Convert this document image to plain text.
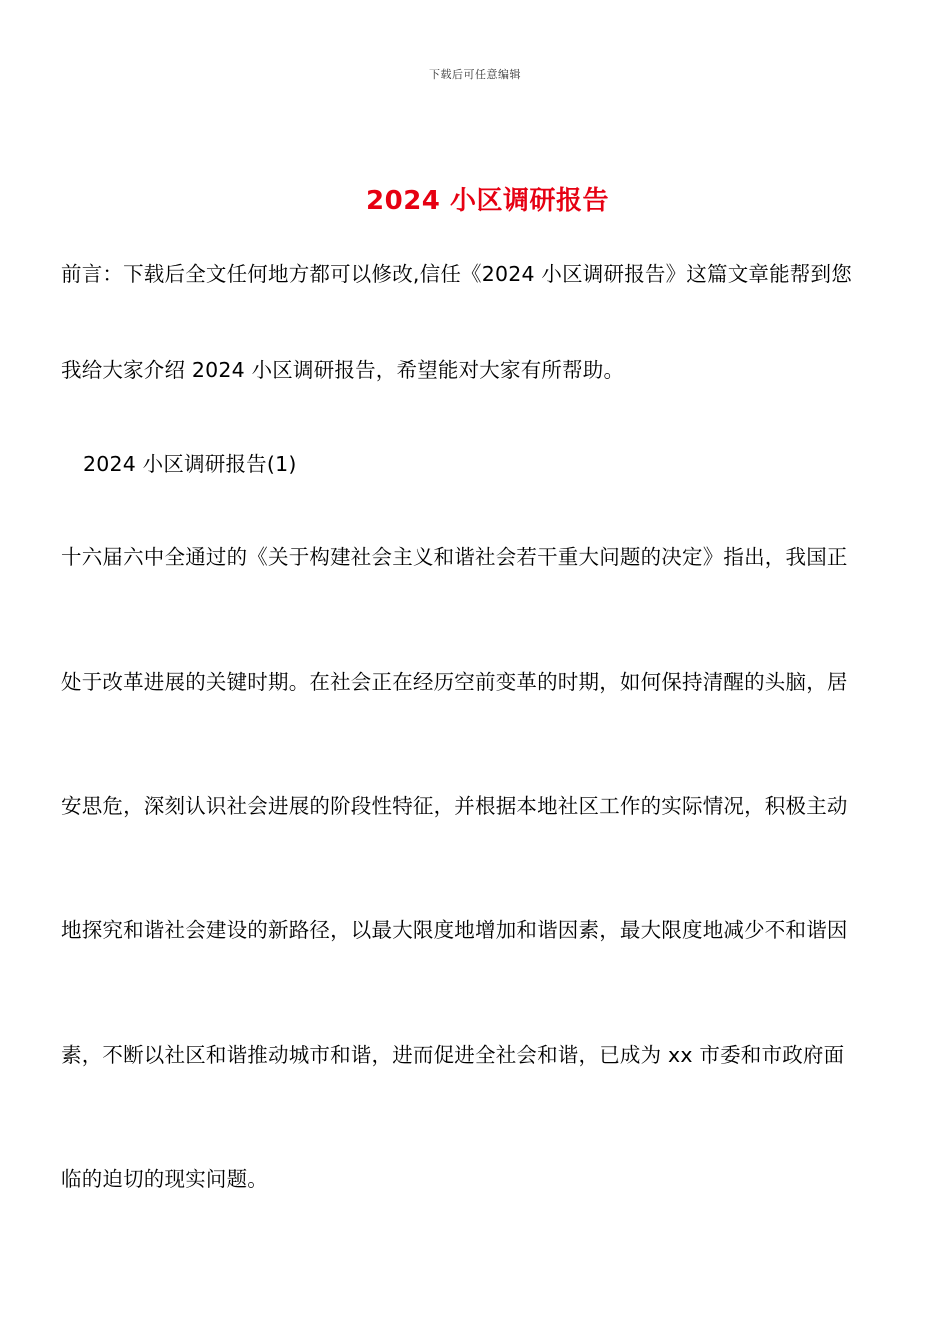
下载后可任意编辑
2024 小区调研报告
前言：下载后全文任何地方都可以修改,信任《2024 小区调研报告》这篇文章能帮到您
我给大家介绍 2024 小区调研报告，希望能对大家有所帮助。
2024 小区调研报告(1)
十六届六中全通过的《关于构建社会主义和谐社会若干重大问题的决定》指出，我国正
处于改革进展的关键时期。在社会正在经历空前变革的时期，如何保持清醒的头脑，居
安思危，深刻认识社会进展的阶段性特征，并根据本地社区工作的实际情况，积极主动
地探究和谐社会建设的新路径，以最大限度地增加和谐因素，最大限度地减少不和谐因
素，不断以社区和谐推动城市和谐，进而促进全社会和谐，已成为 xx 市委和市政府面
临的迫切的现实问题。
